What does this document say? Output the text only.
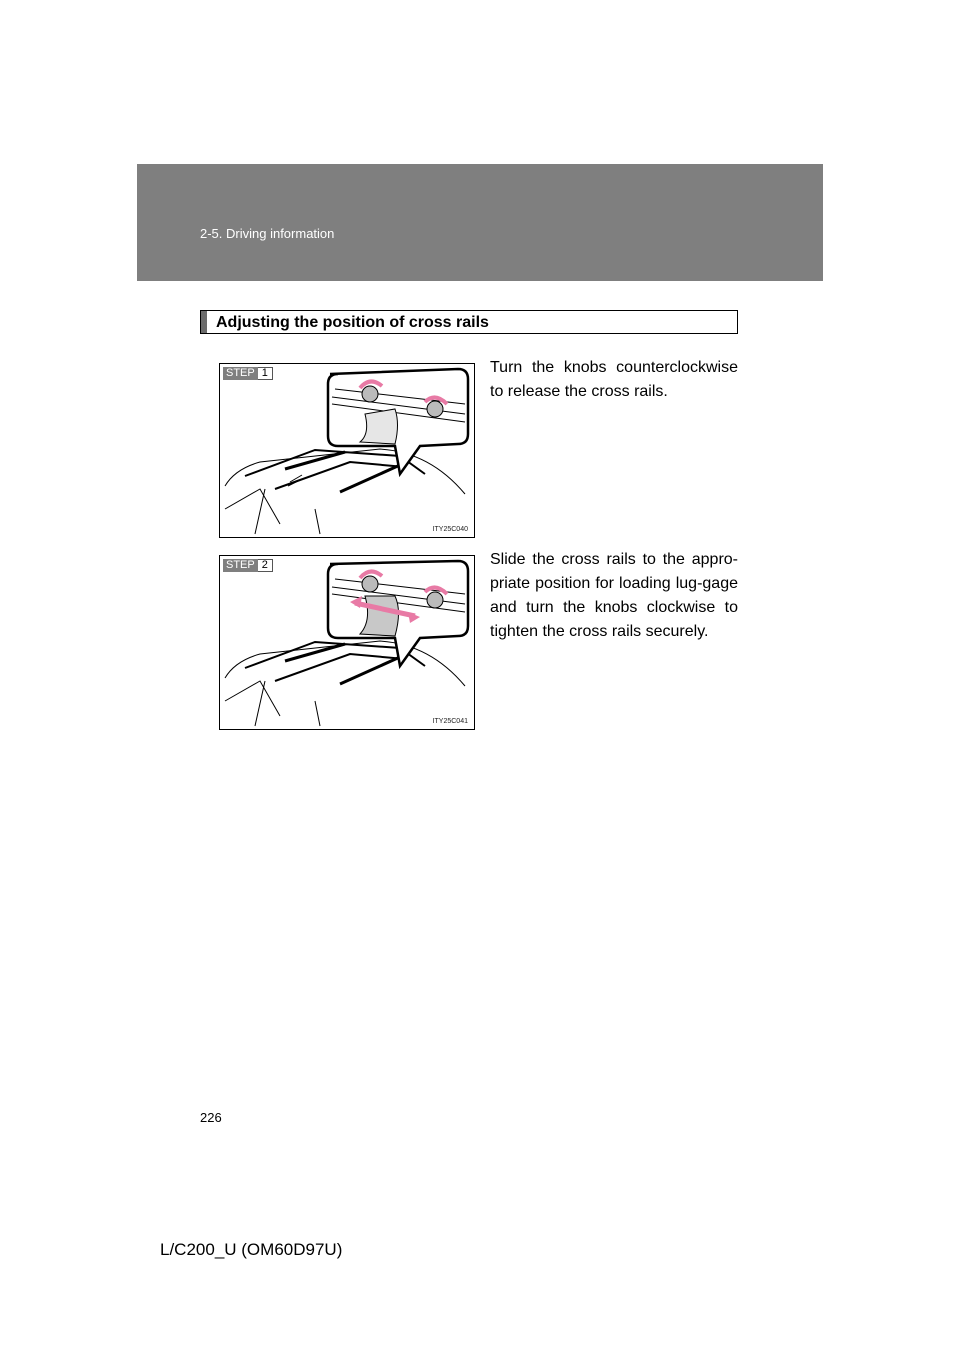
2-5. Driving information
Adjusting the position of cross rails
STEP 1
ITY25C040

Turn the knobs counterclockwise to release the cross rails.

STEP 2
ITY25C041

Slide the cross rails to the appro-priate position for loading lug-gage and turn the knobs clockwise to tighten the cross rails securely.

226
L/C200_U (OM60D97U)
